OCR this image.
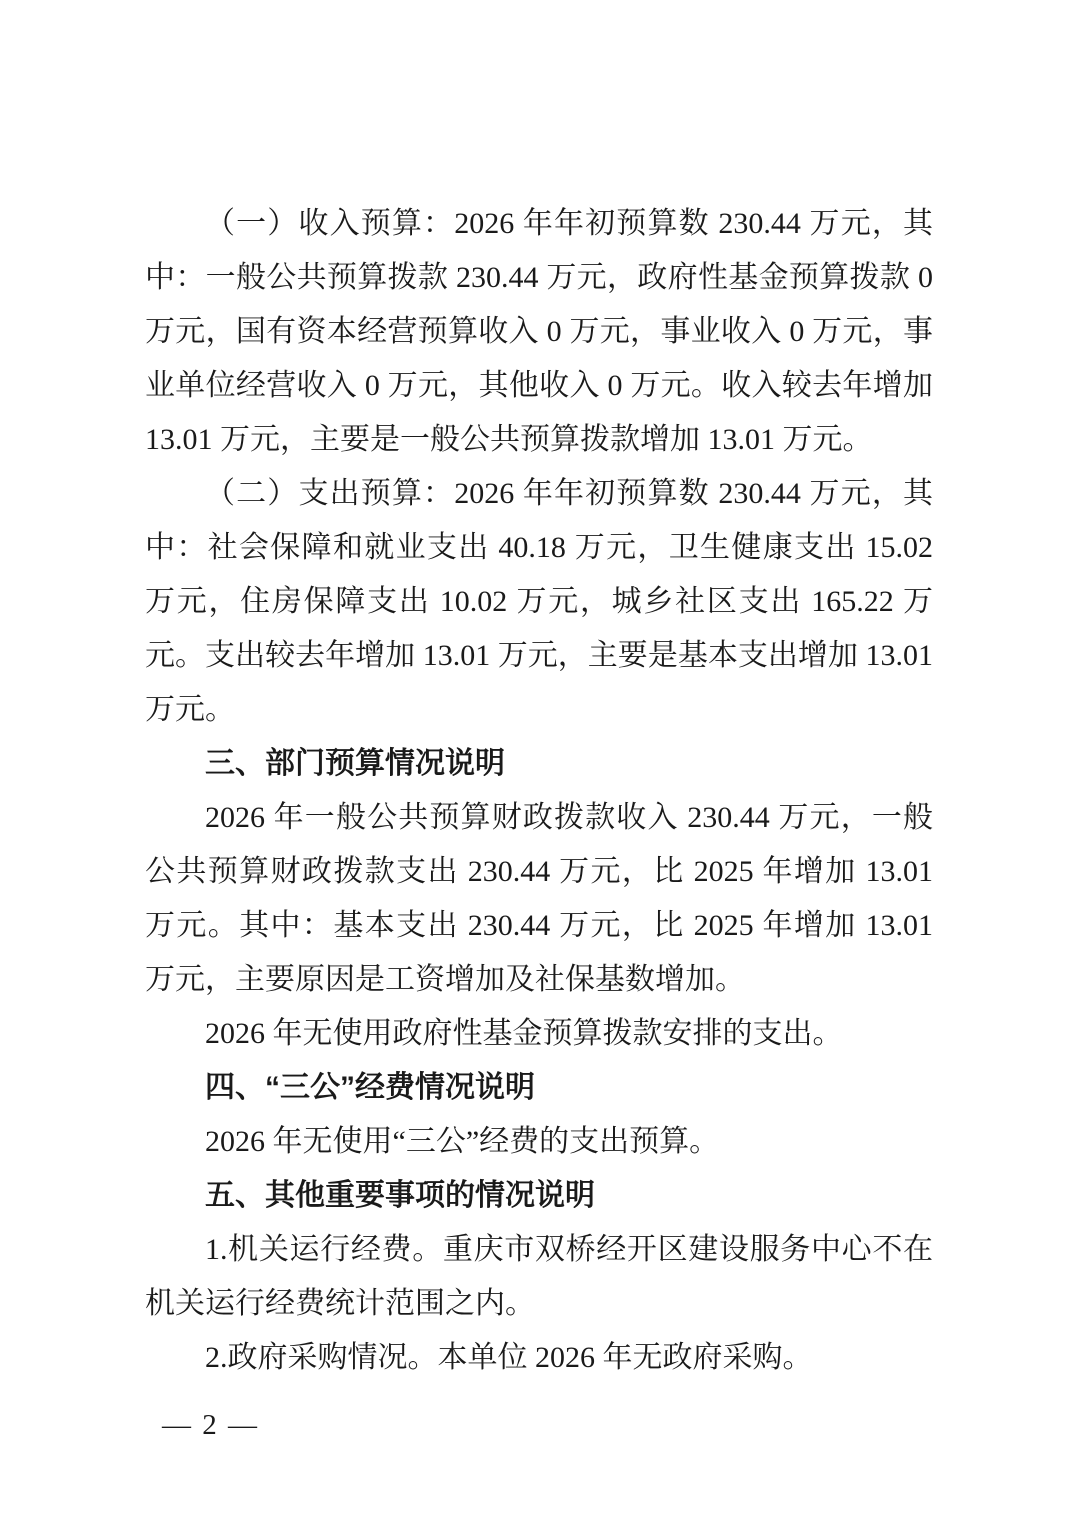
（一）收入预算：2026 年年初预算数 230.44 万元，其中：一般公共预算拨款 230.44 万元，政府性基金预算拨款 0 万元，国有资本经营预算收入 0 万元，事业收入 0 万元，事业单位经营收入 0 万元，其他收入 0 万元。收入较去年增加 13.01 万元，主要是一般公共预算拨款增加 13.01 万元。

（二）支出预算：2026 年年初预算数 230.44 万元，其中：社会保障和就业支出 40.18 万元，卫生健康支出 15.02 万元，住房保障支出 10.02 万元，城乡社区支出 165.22 万元。支出较去年增加 13.01 万元，主要是基本支出增加 13.01 万元。

三、部门预算情况说明

2026 年一般公共预算财政拨款收入 230.44 万元，一般公共预算财政拨款支出 230.44 万元，比 2025 年增加 13.01 万元。其中：基本支出 230.44 万元，比 2025 年增加 13.01 万元，主要原因是工资增加及社保基数增加。

2026 年无使用政府性基金预算拨款安排的支出。

四、“三公”经费情况说明

2026 年无使用“三公”经费的支出预算。

五、其他重要事项的情况说明

1.机关运行经费。重庆市双桥经开区建设服务中心不在机关运行经费统计范围之内。

2.政府采购情况。本单位 2026 年无政府采购。

— 2 —
